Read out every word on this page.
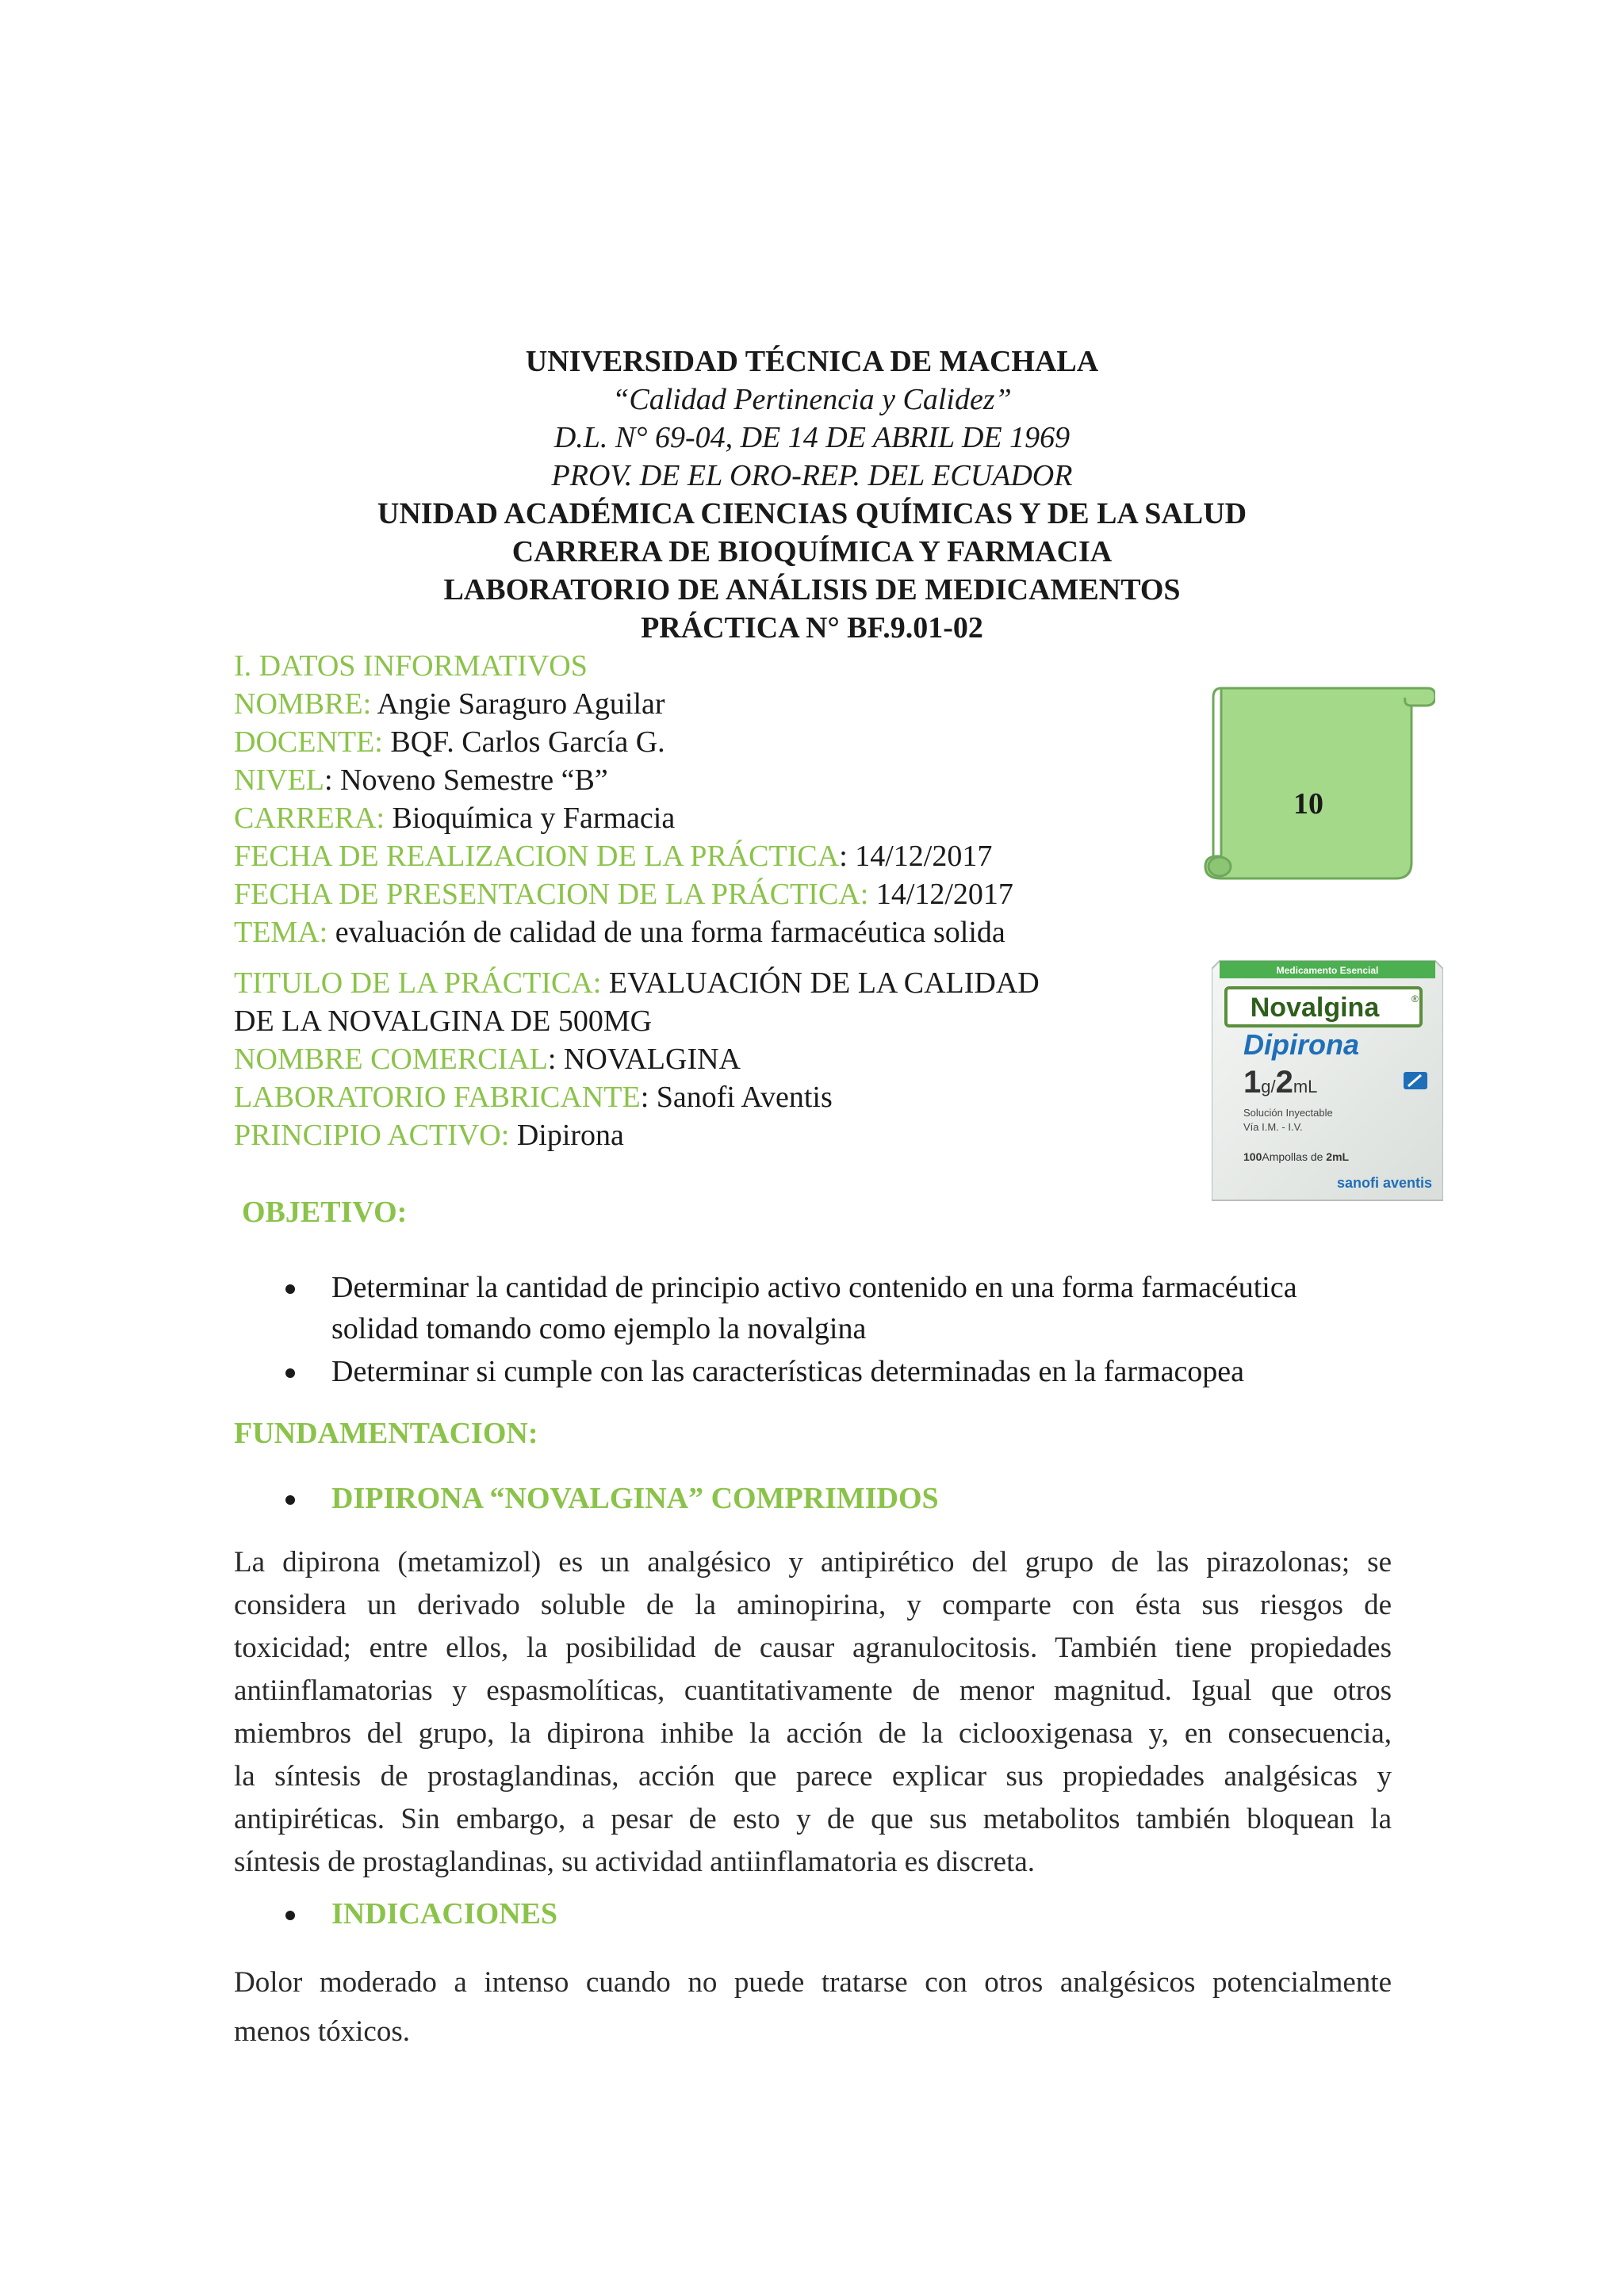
UNIVERSIDAD TÉCNICA DE MACHALA
“Calidad Pertinencia y Calidez”
D.L. N° 69-04, DE 14 DE ABRIL DE 1969
PROV. DE EL ORO-REP. DEL ECUADOR
UNIDAD ACADÉMICA CIENCIAS QUÍMICAS Y DE LA SALUD
CARRERA DE BIOQUÍMICA Y FARMACIA
LABORATORIO DE ANÁLISIS DE MEDICAMENTOS
PRÁCTICA N° BF.9.01-02
I. DATOS INFORMATIVOS
NOMBRE: Angie Saraguro Aguilar
DOCENTE: BQF. Carlos García G.
NIVEL: Noveno Semestre “B”
CARRERA: Bioquímica y Farmacia
FECHA DE REALIZACION DE LA PRÁCTICA: 14/12/2017
FECHA DE PRESENTACION DE LA PRÁCTICA: 14/12/2017
TEMA: evaluación de calidad de una forma farmacéutica solida
TITULO DE LA PRÁCTICA: EVALUACIÓN DE LA CALIDAD
DE LA NOVALGINA DE 500MG
NOMBRE COMERCIAL: NOVALGINA
LABORATORIO FABRICANTE: Sanofi Aventis
PRINCIPIO ACTIVO: Dipirona
10
Medicamento Esencial
Novalgina	®
Dipirona
1g/2mL
Solución Inyectable
Vía I.M. - I.V.
100Ampollas de 2mL
sanofi aventis
OBJETIVO:
Determinar la cantidad de principio activo contenido en una forma farmacéutica
solidad tomando como ejemplo la novalgina
Determinar si cumple con las características determinadas en la farmacopea
FUNDAMENTACION:
DIPIRONA “NOVALGINA” COMPRIMIDOS
La dipirona (metamizol) es un analgésico y antipirético del grupo de las pirazolonas; se
considera un derivado soluble de la aminopirina, y comparte con ésta sus riesgos de
toxicidad; entre ellos, la posibilidad de causar agranulocitosis. También tiene propiedades
antiinflamatorias y espasmolíticas, cuantitativamente de menor magnitud. Igual que otros
miembros del grupo, la dipirona inhibe la acción de la ciclooxigenasa y, en consecuencia,
la síntesis de prostaglandinas, acción que parece explicar sus propiedades analgésicas y
antipiréticas. Sin embargo, a pesar de esto y de que sus metabolitos también bloquean la
síntesis de prostaglandinas, su actividad antiinflamatoria es discreta.
INDICACIONES
Dolor moderado a intenso cuando no puede tratarse con otros analgésicos potencialmente
menos tóxicos.
